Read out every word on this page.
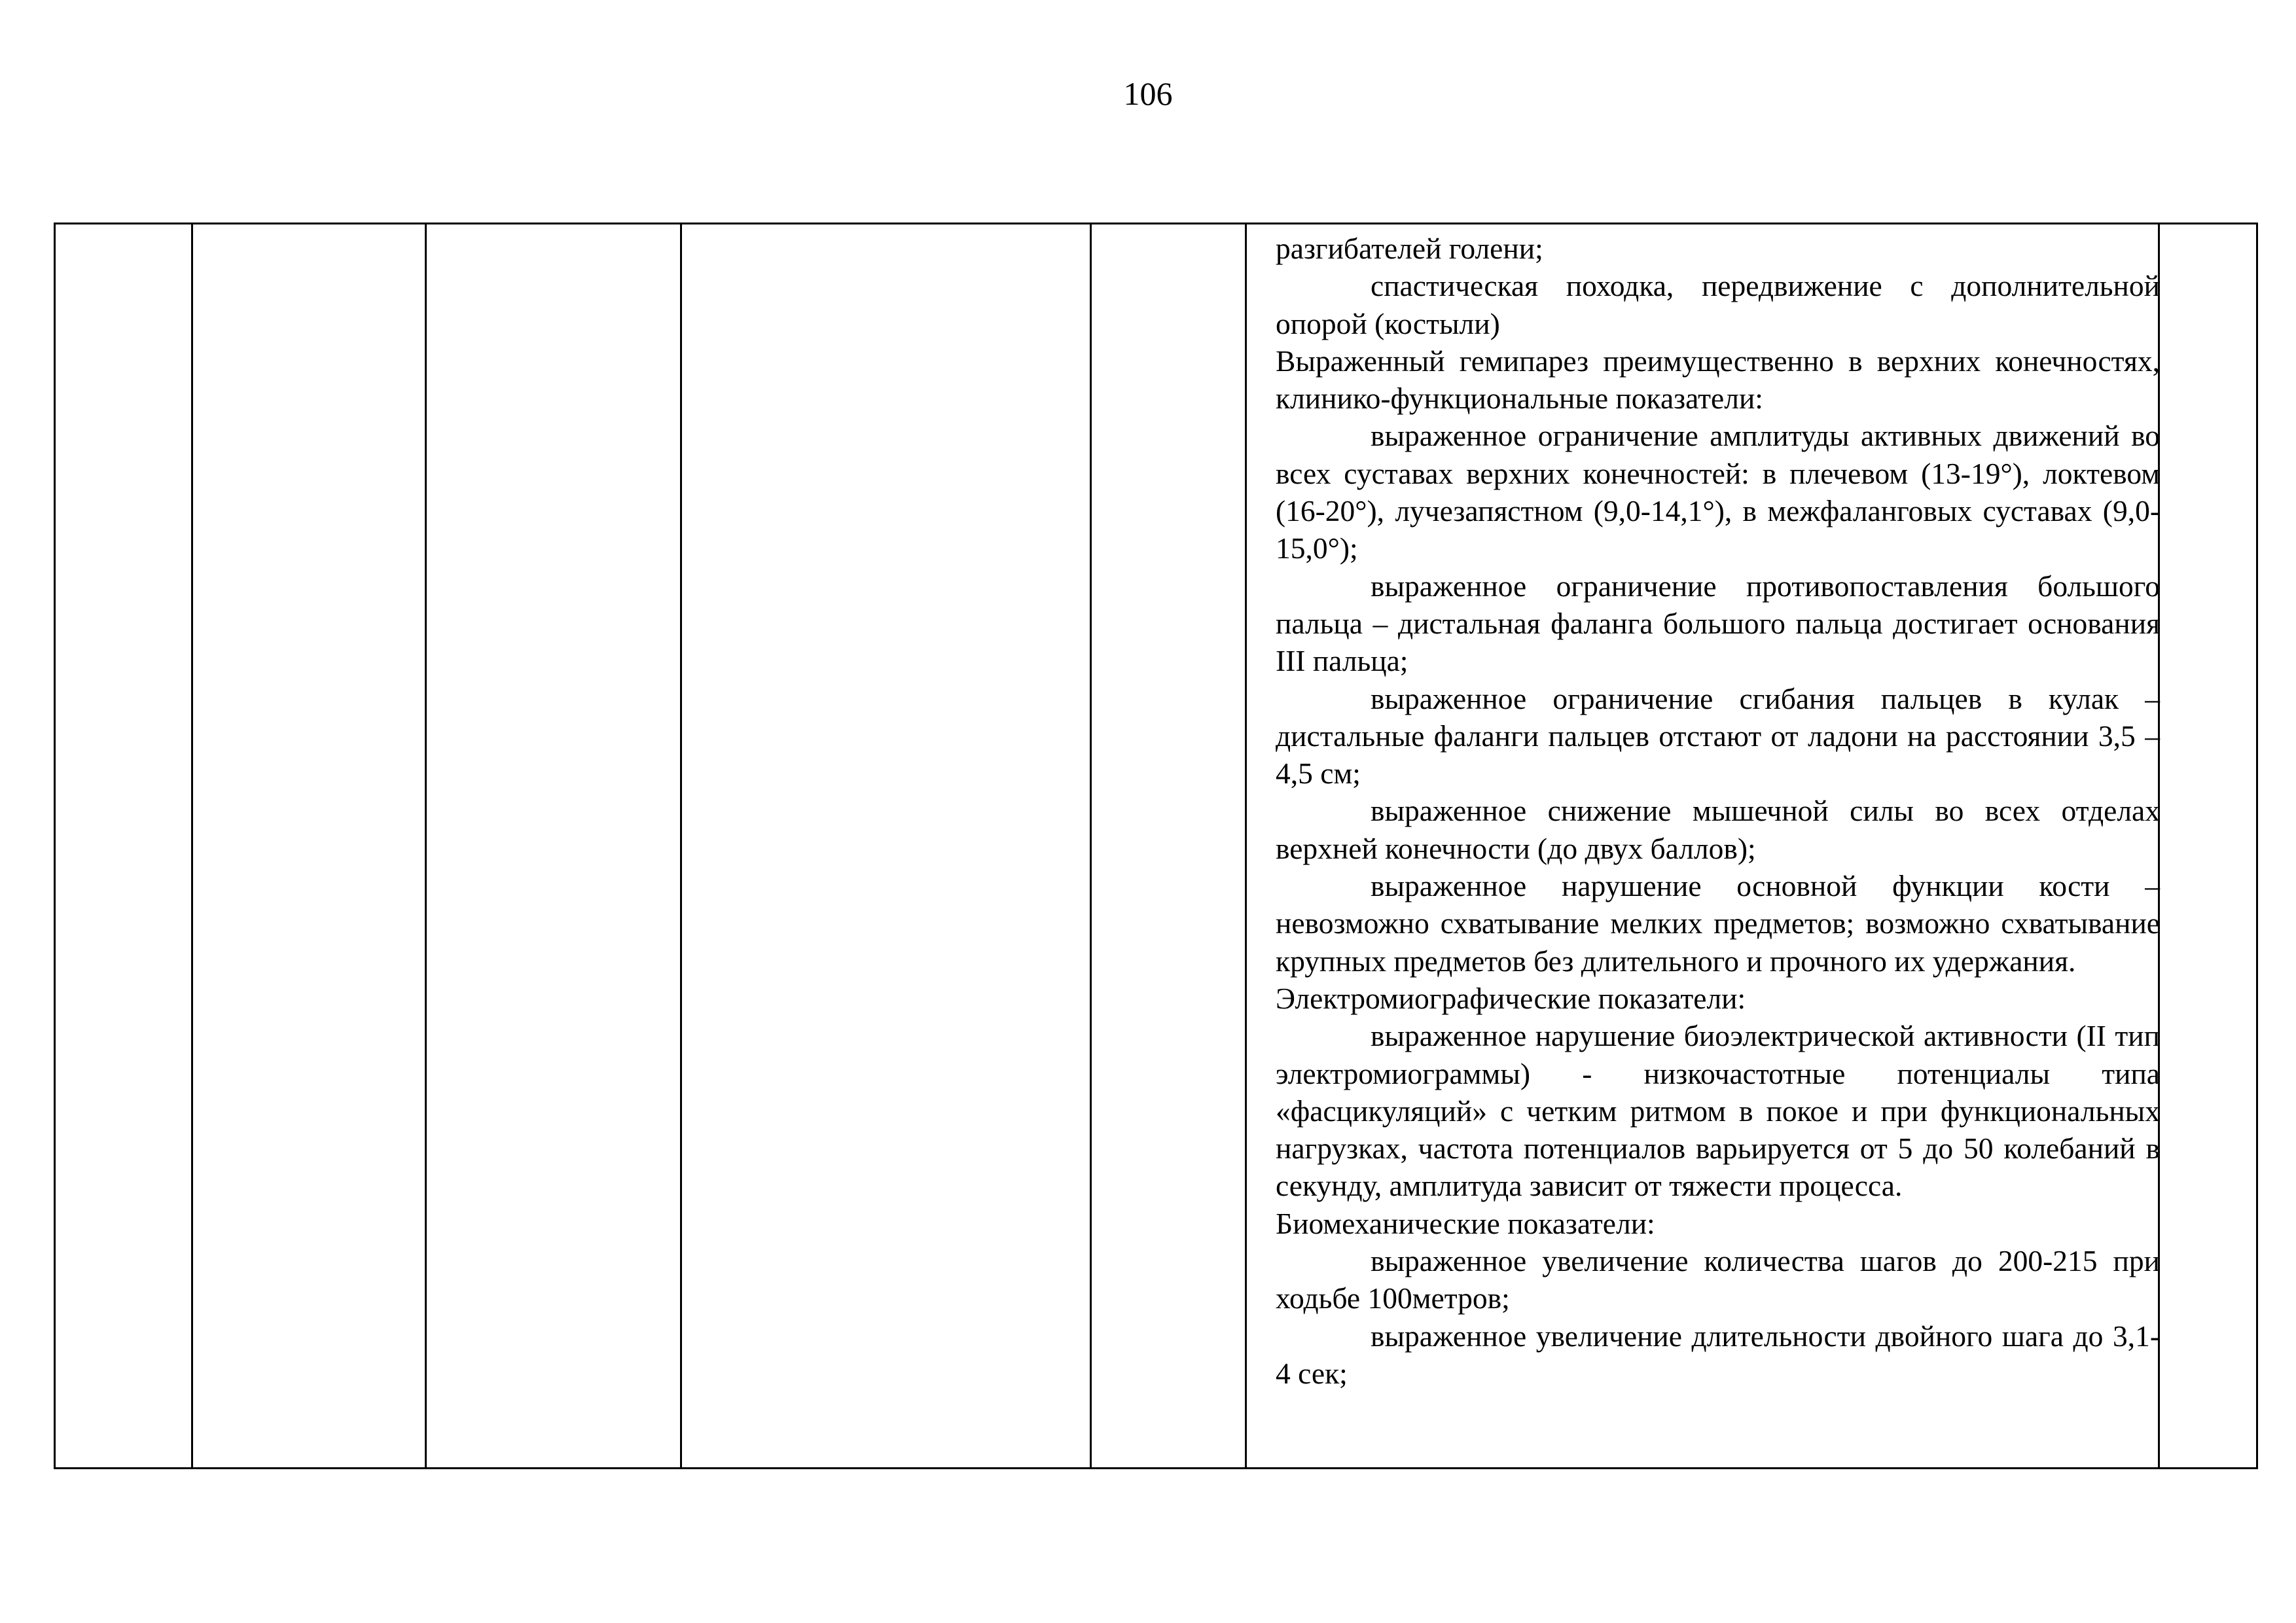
106

разгибателей голени;

спастическая походка, передвижение с дополнительной опорой (костыли)

Выраженный гемипарез преимущественно в верхних конечностях, клинико-функциональные показатели:

выраженное ограничение амплитуды активных движений во всех суставах верхних конечностей: в плечевом (13-19°), локтевом (16-20°), лучезапястном (9,0-14,1°), в межфаланговых суставах (9,0-15,0°);

выраженное ограничение противопоставления большого пальца – дистальная фаланга большого пальца достигает основания III пальца;

выраженное ограничение сгибания пальцев в кулак – дистальные фаланги пальцев отстают от ладони на расстоянии 3,5 – 4,5 см;

выраженное снижение мышечной силы во всех отделах верхней конечности (до двух баллов);

выраженное нарушение основной функции кости – невозможно схватывание мелких предметов; возможно схватывание крупных предметов без длительного и прочного их удержания.

Электромиографические показатели:

выраженное нарушение биоэлектрической активности (II тип электромиограммы) - низкочастотные потенциалы типа «фасцикуляций» с четким ритмом в покое и при функциональных нагрузках, частота потенциалов варьируется от 5 до 50 колебаний в секунду, амплитуда зависит от тяжести процесса.

Биомеханические показатели:

выраженное увеличение количества шагов до 200-215 при ходьбе 100метров;

выраженное увеличение длительности двойного шага до 3,1-4 сек;
